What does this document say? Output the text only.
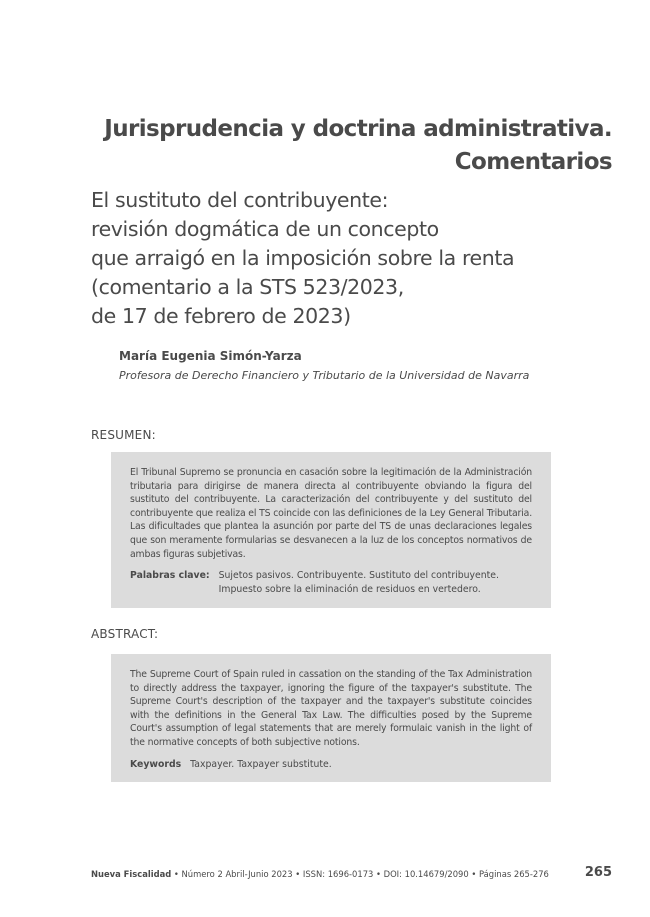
Jurisprudencia y doctrina administrativa.
Comentarios
El sustituto del contribuyente:
revisión dogmática de un concepto
que arraigó en la imposición sobre la renta
(comentario a la STS 523/2023,
de 17 de febrero de 2023)
María Eugenia Simón-Yarza
Profesora de Derecho Financiero y Tributario de la Universidad de Navarra
RESUMEN:

El Tribunal Supremo se pronuncia en casación sobre la legitimación de la Administración tributaria para dirigirse de manera directa al contribuyente obviando la figura del sustituto del contribuyente. La caracterización del contribuyente y del sustituto del contribuyente que realiza el TS coincide con las definiciones de la Ley General Tributaria. Las dificultades que plantea la asunción por parte del TS de unas declaraciones legales que son meramente formularias se desvanecen a la luz de los conceptos normativos de ambas figuras subjetivas.

Palabras clave: Sujetos pasivos. Contribuyente. Sustituto del contribuyente. Impuesto sobre la eliminación de residuos en vertedero.
ABSTRACT:

The Supreme Court of Spain ruled in cassation on the standing of the Tax Administration to directly address the taxpayer, ignoring the figure of the taxpayer's substitute. The Supreme Court's description of the taxpayer and the taxpayer's substitute coincides with the definitions in the General Tax Law. The difficulties posed by the Supreme Court's assumption of legal statements that are merely formulaic vanish in the light of the normative concepts of both subjective notions.

Keywords Taxpayer. Taxpayer substitute.
Nueva Fiscalidad • Número 2 Abril-Junio 2023 • ISSN: 1696-0173 • DOI: 10.14679/2090 • Páginas 265-276	265
